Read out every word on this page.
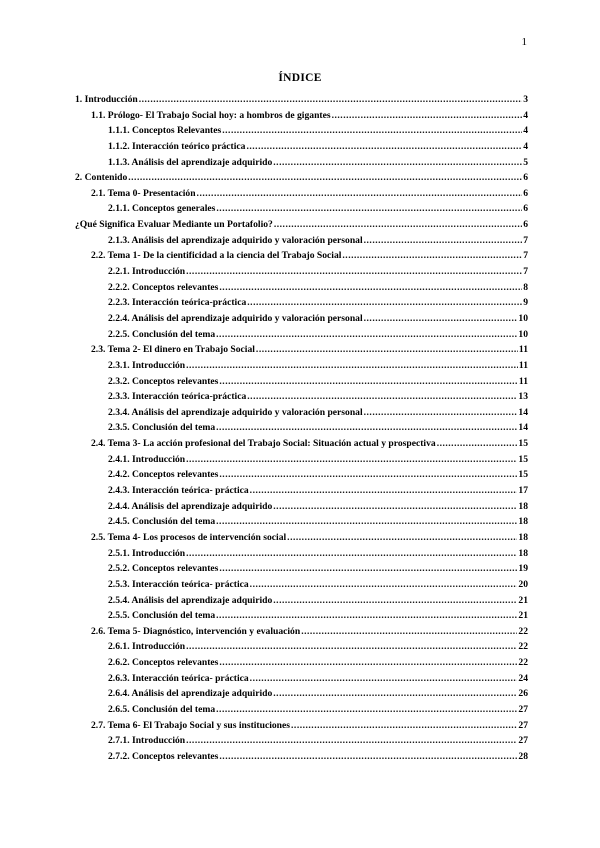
1
ÍNDICE
1. Introducción .....	3
1.1. Prólogo- El Trabajo Social hoy: a hombros de gigantes .....	4
1.1.1. Conceptos Relevantes .....	4
1.1.2. Interacción teórico práctica .....	4
1.1.3. Análisis del aprendizaje adquirido .....	5
2. Contenido .....	6
2.1. Tema 0- Presentación .....	6
2.1.1. Conceptos generales .....	6
¿Qué Significa Evaluar Mediante un Portafolio? .....	6
2.1.3. Análisis del aprendizaje adquirido y valoración personal .....	7
2.2. Tema 1- De la cientificidad a la ciencia del Trabajo Social .....	7
2.2.1. Introducción .....	7
2.2.2. Conceptos relevantes .....	8
2.2.3. Interacción teórica-práctica .....	9
2.2.4. Análisis del aprendizaje adquirido y valoración personal .....	10
2.2.5. Conclusión del tema .....	10
2.3. Tema 2- El dinero en Trabajo Social .....	11
2.3.1. Introducción .....	11
2.3.2. Conceptos relevantes .....	11
2.3.3. Interacción teórica-práctica .....	13
2.3.4. Análisis del aprendizaje adquirido y valoración personal .....	14
2.3.5. Conclusión del tema .....	14
2.4. Tema 3- La acción profesional del Trabajo Social: Situación actual y prospectiva .....	15
2.4.1. Introducción .....	15
2.4.2. Conceptos relevantes .....	15
2.4.3. Interacción teórica- práctica .....	17
2.4.4. Análisis del aprendizaje adquirido .....	18
2.4.5. Conclusión del tema .....	18
2.5. Tema 4- Los procesos de intervención social .....	18
2.5.1. Introducción .....	18
2.5.2. Conceptos relevantes .....	19
2.5.3. Interacción teórica- práctica .....	20
2.5.4. Análisis del aprendizaje adquirido .....	21
2.5.5. Conclusión del tema .....	21
2.6. Tema 5- Diagnóstico, intervención y evaluación .....	22
2.6.1. Introducción .....	22
2.6.2. Conceptos relevantes .....	22
2.6.3. Interacción teórica- práctica .....	24
2.6.4. Análisis del aprendizaje adquirido .....	26
2.6.5. Conclusión del tema .....	27
2.7. Tema 6- El Trabajo Social y sus instituciones .....	27
2.7.1. Introducción .....	27
2.7.2. Conceptos relevantes .....	28
